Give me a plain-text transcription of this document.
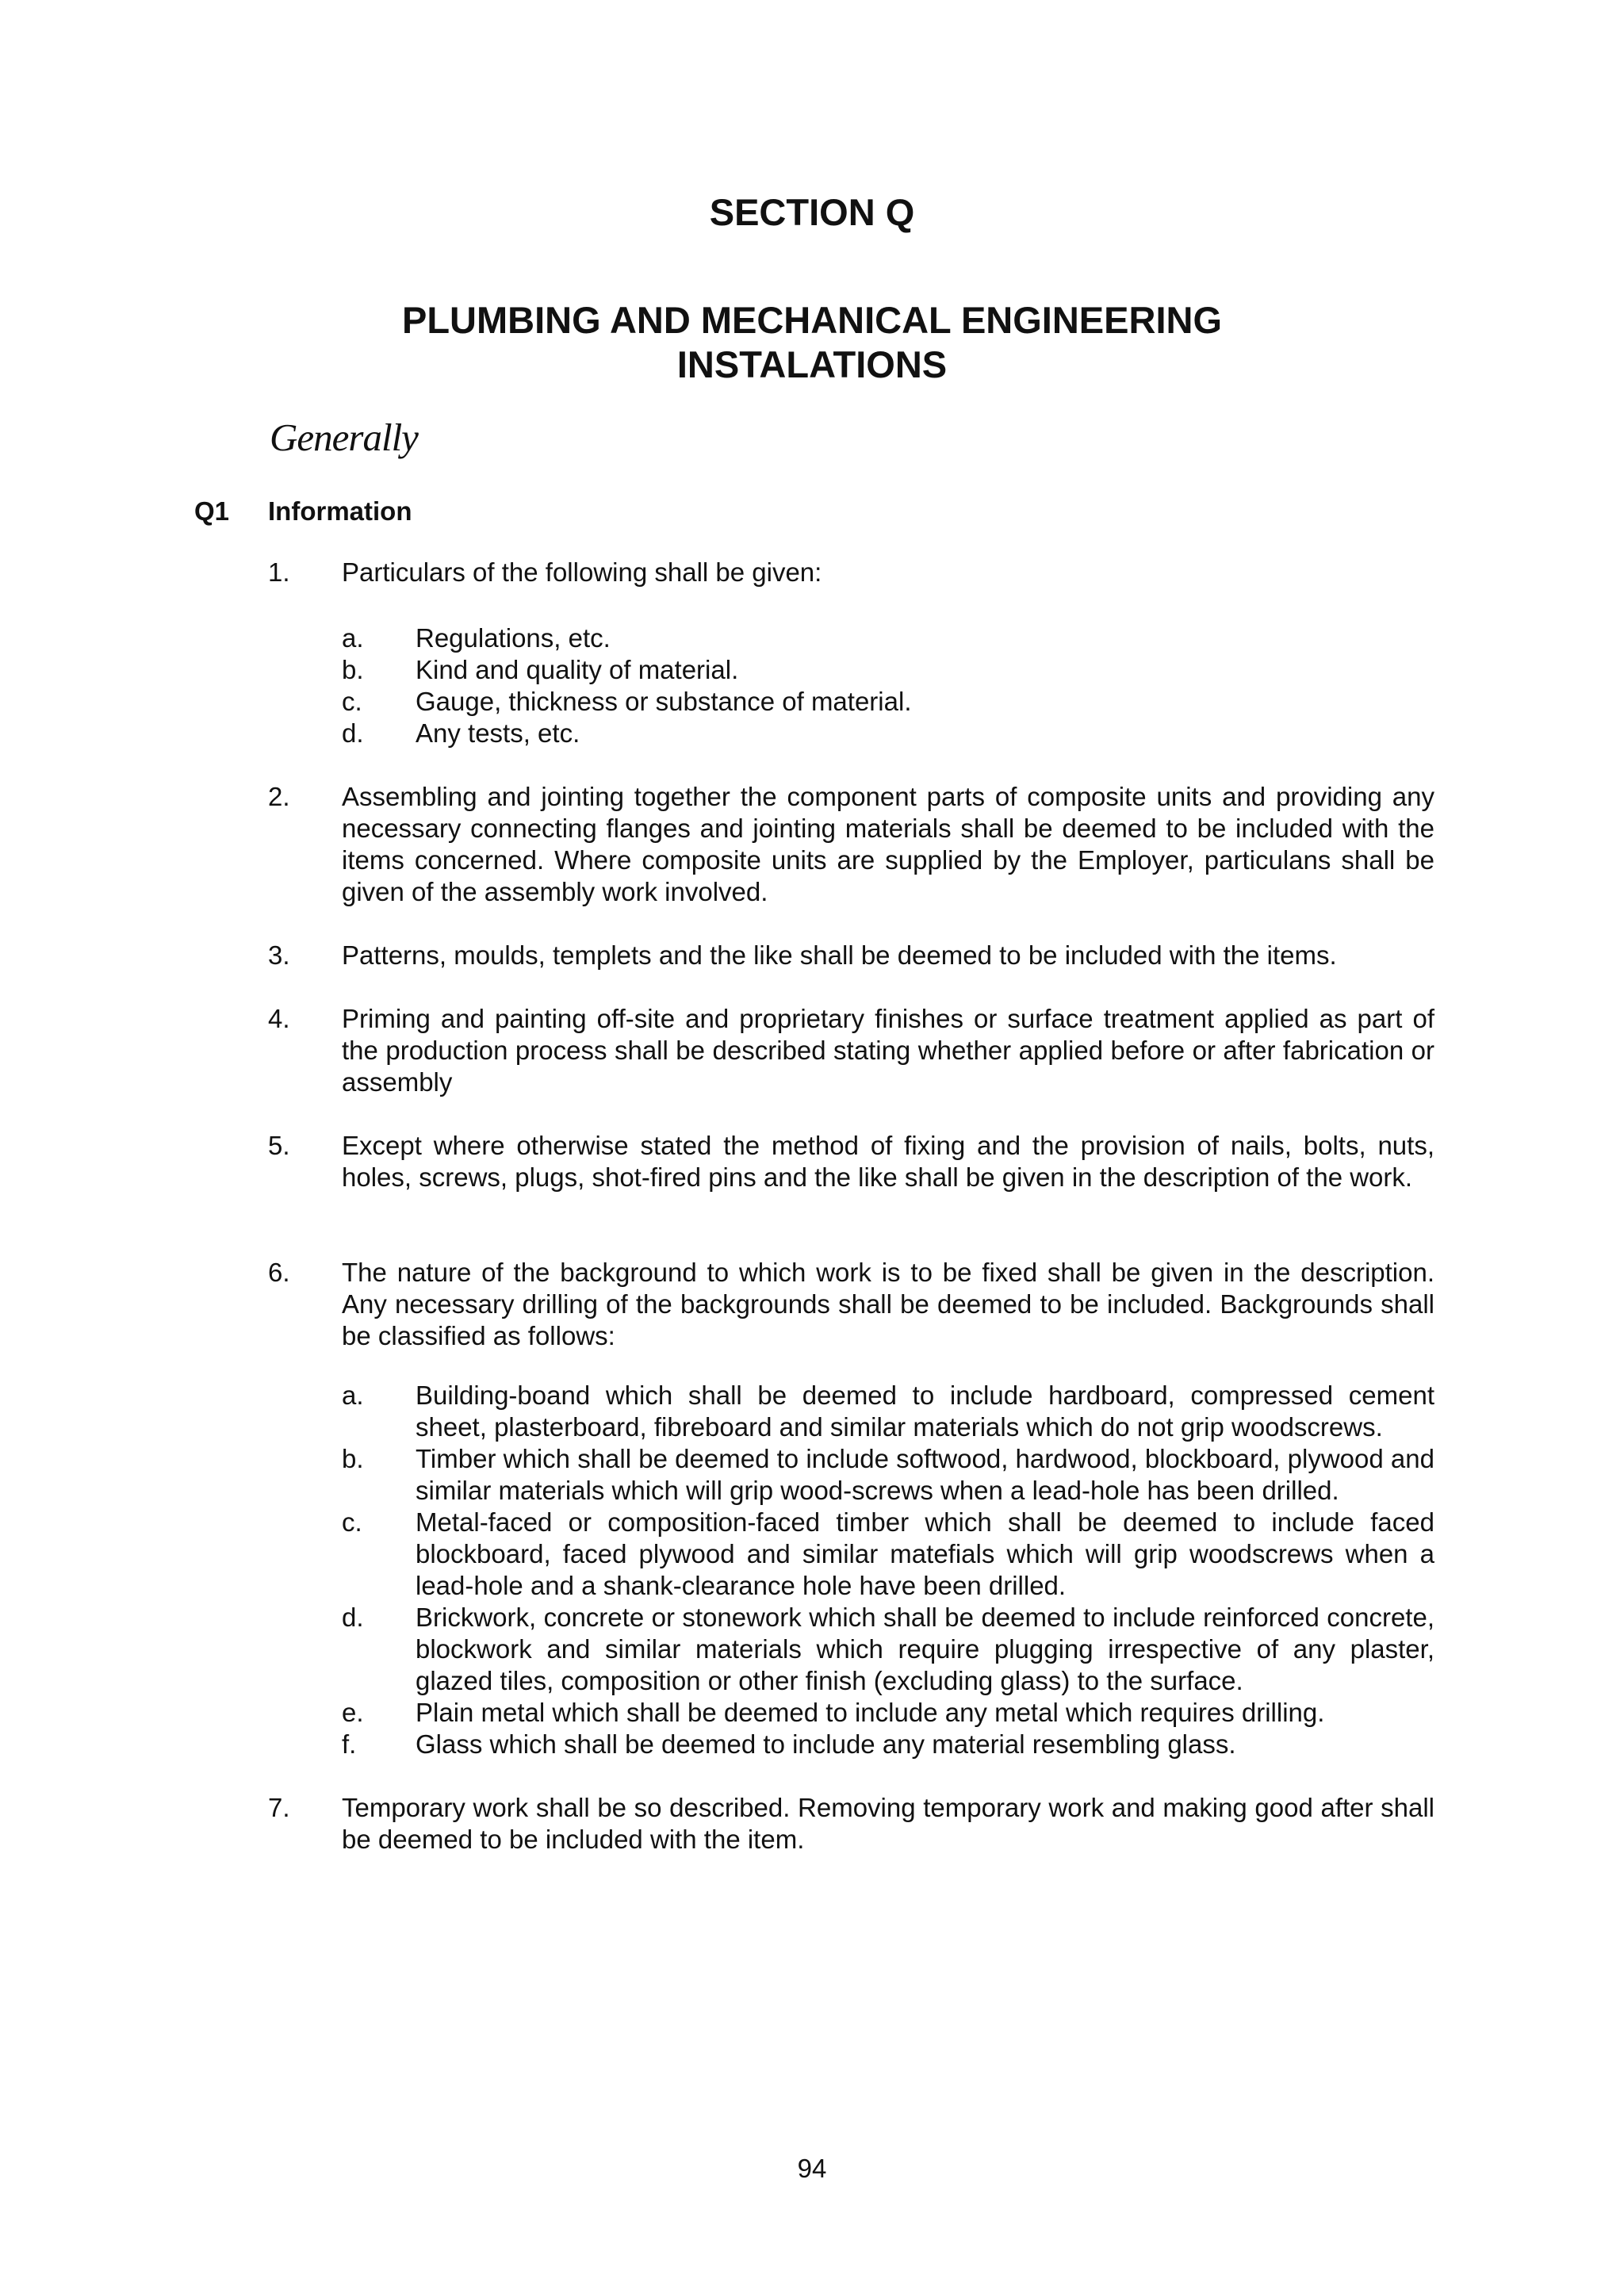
SECTION Q
PLUMBING AND MECHANICAL ENGINEERING
INSTALATIONS
Generally
Q1 Information
1. Particulars of the following shall be given:
a. Regulations, etc.
b. Kind and quality of material.
c. Gauge, thickness or substance of material.
d. Any tests, etc.
2. Assembling and jointing together the component parts of composite units and providing any necessary connecting flanges and jointing materials shall be deemed to be included with the items concerned. Where composite units are supplied by the Employer, particulans shall be given of the assembly work involved.
3. Patterns, moulds, templets and the like shall be deemed to be included with the items.
4. Priming and painting off-site and proprietary finishes or surface treatment applied as part of the production process shall be described stating whether applied before or after fabrication or assembly
5. Except where otherwise stated the method of fixing and the provision of nails, bolts, nuts, holes, screws, plugs, shot-fired pins and the like shall be given in the description of the work.
6. The nature of the background to which work is to be fixed shall be given in the description. Any necessary drilling of the backgrounds shall be deemed to be included. Backgrounds shall be classified as follows:
a. Building-boand which shall be deemed to include hardboard, compressed cement sheet, plasterboard, fibreboard and similar materials which do not grip woodscrews.
b. Timber which shall be deemed to include softwood, hardwood, blockboard, plywood and similar materials which will grip wood-screws when a lead-hole has been drilled.
c. Metal-faced or composition-faced timber which shall be deemed to include faced blockboard, faced plywood and similar matefials which will grip woodscrews when a lead-hole and a shank-clearance hole have been drilled.
d. Brickwork, concrete or stonework which shall be deemed to include reinforced concrete, blockwork and similar materials which require plugging irrespective of any plaster, glazed tiles, composition or other finish (excluding glass) to the surface.
e. Plain metal which shall be deemed to include any metal which requires drilling.
f. Glass which shall be deemed to include any material resembling glass.
7. Temporary work shall be so described. Removing temporary work and making good after shall be deemed to be included with the item.
94
